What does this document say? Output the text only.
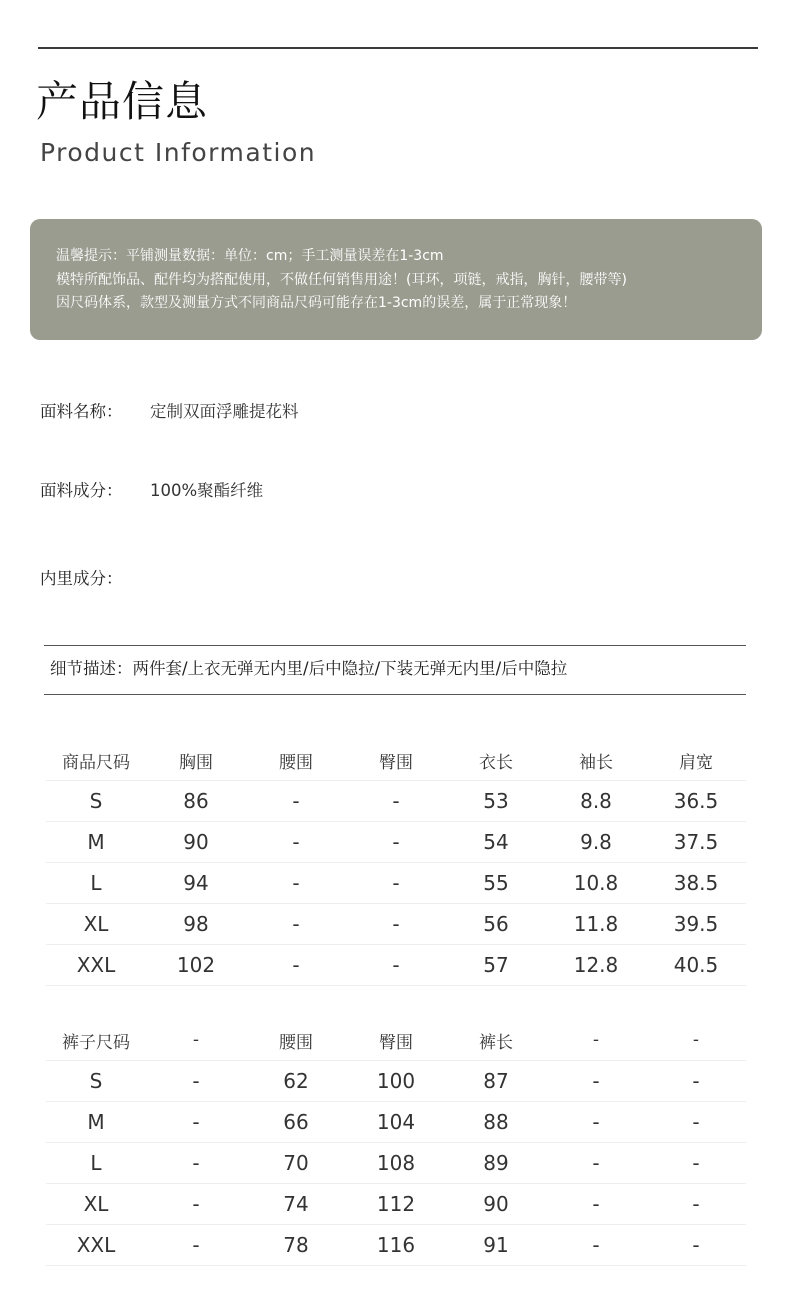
产品信息
Product Information
温馨提示：平铺测量数据：单位：cm；手工测量误差在1-3cm
模特所配饰品、配件均为搭配使用，不做任何销售用途！(耳环，项链，戒指，胸针，腰带等)
因尺码体系，款型及测量方式不同商品尺码可能存在1-3cm的误差，属于正常现象！
面料名称： 定制双面浮雕提花料
面料成分： 100%聚酯纤维
内里成分：
细节描述：两件套/上衣无弹无内里/后中隐拉/下装无弹无内里/后中隐拉
商品尺码	胸围	腰围	臀围	衣长	袖长	肩宽
S	86	-	-	53	8.8	36.5
M	90	-	-	54	9.8	37.5
L	94	-	-	55	10.8	38.5
XL	98	-	-	56	11.8	39.5
XXL	102	-	-	57	12.8	40.5
裤子尺码	-	腰围	臀围	裤长	-	-
S	-	62	100	87	-	-
M	-	66	104	88	-	-
L	-	70	108	89	-	-
XL	-	74	112	90	-	-
XXL	-	78	116	91	-	-
